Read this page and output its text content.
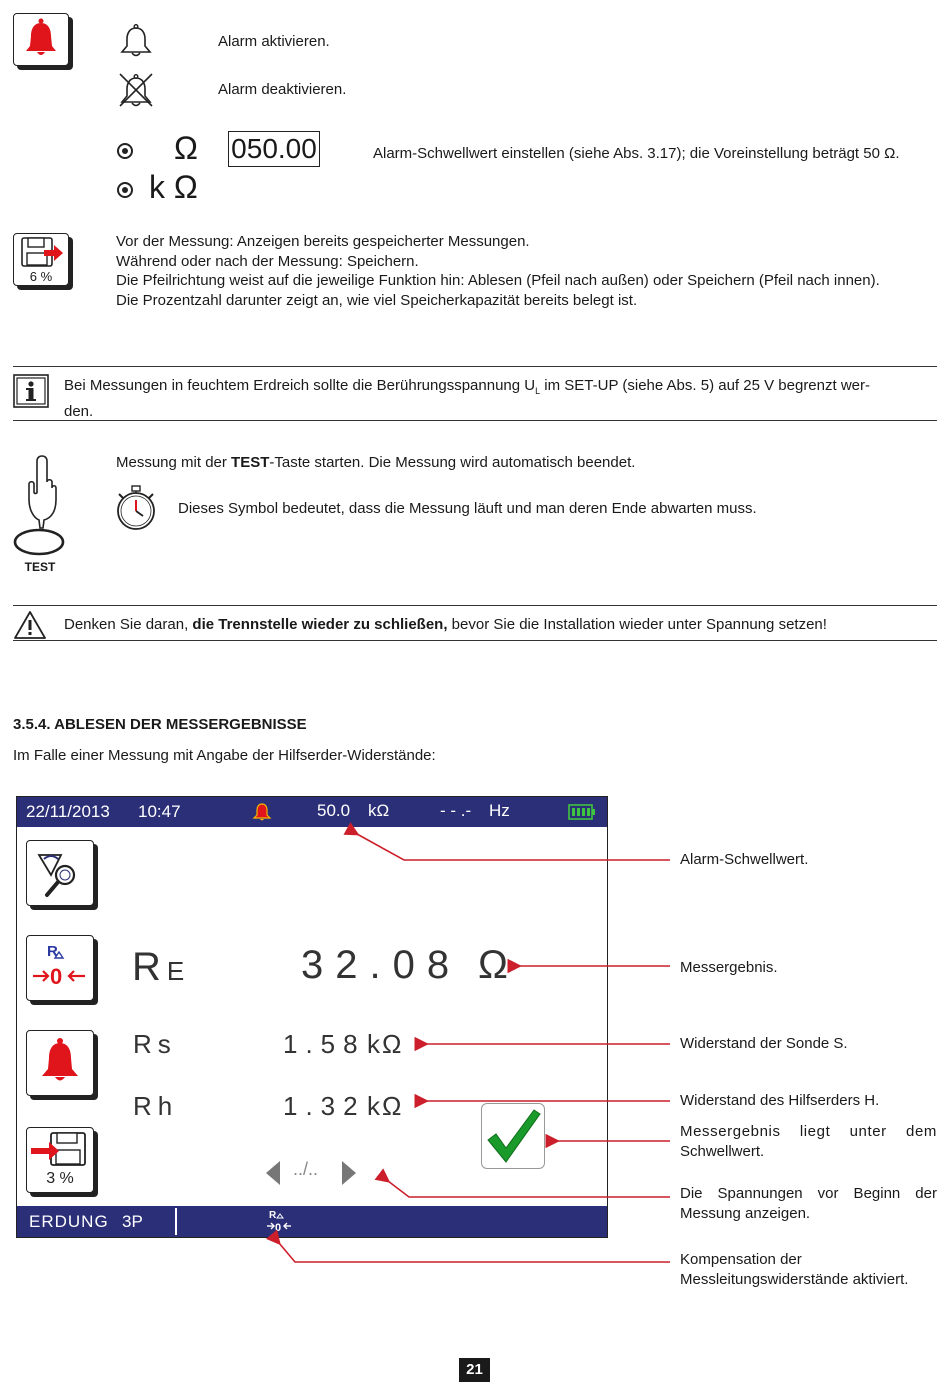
Alarm aktivieren.
Alarm deaktivieren.
Ω 050.00	Alarm-Schwellwert einstellen (siehe Abs. 3.17); die Voreinstellung beträgt 50 Ω.
k Ω
6 %
Vor der Messung: Anzeigen bereits gespeicherter Messungen.
Während oder nach der Messung: Speichern.
Die Pfeilrichtung weist auf die jeweilige Funktion hin: Ablesen (Pfeil nach außen) oder Speichern (Pfeil nach innen).
Die Prozentzahl darunter zeigt an, wie viel Speicherkapazität bereits belegt ist.
Bei Messungen in feuchtem Erdreich sollte die Berührungsspannung $U_L$ im SET-UP (siehe Abs. 5) auf 25 V begrenzt wer-
den.
TEST
Messung mit der TEST-Taste starten. Die Messung wird automatisch beendet.
Dieses Symbol bedeutet, dass die Messung läuft und man deren Ende abwarten muss.
Denken Sie daran, die Trennstelle wieder zu schließen, bevor Sie die Installation wieder unter Spannung setzen!
3.5.4. ABLESEN DER MESSERGEBNISSE
Im Falle einer Messung mit Angabe der Hilfserder-Widerstände:
22/11/2013 10:47	50.0 kΩ	- - .- Hz
R
0
3 %
R E	32.08 Ω
Rs	1.58 kΩ
Rh	1.32 kΩ
../..
ERDUNG 3P	R
0
Alarm-Schwellwert.
Messergebnis.
Widerstand der Sonde S.
Widerstand des Hilfserders H.
Messergebnis liegt unter dem
Schwellwert.
Die Spannungen vor Beginn der
Messung anzeigen.
Kompensation der
Messleitungswiderstände aktiviert.
21
